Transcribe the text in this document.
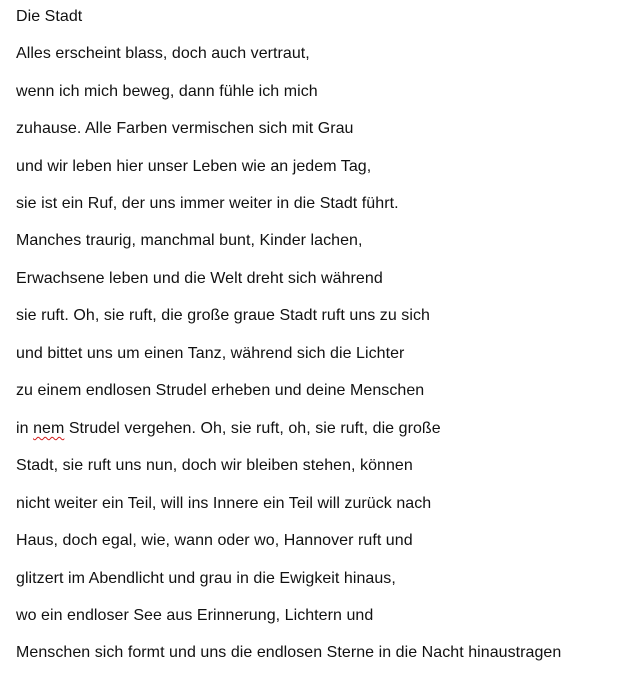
Die Stadt
Alles erscheint blass, doch auch vertraut,
wenn ich mich beweg, dann fühle ich mich
zuhause. Alle Farben vermischen sich mit Grau
und wir leben hier unser Leben wie an jedem Tag,
sie ist ein Ruf, der uns immer weiter in die Stadt führt.
Manches traurig, manchmal bunt, Kinder lachen,
Erwachsene leben und die Welt dreht sich während
sie ruft. Oh, sie ruft, die große graue Stadt ruft uns zu sich
und bittet uns um einen Tanz, während sich die Lichter
zu einem endlosen Strudel erheben und deine Menschen
in nem Strudel vergehen. Oh, sie ruft, oh, sie ruft, die große
Stadt, sie ruft uns nun, doch wir bleiben stehen, können
nicht weiter ein Teil, will ins Innere ein Teil will zurück nach
Haus, doch egal, wie, wann oder wo, Hannover ruft und
glitzert im Abendlicht und grau in die Ewigkeit hinaus,
wo ein endloser See aus Erinnerung, Lichtern und
Menschen sich formt und uns die endlosen Sterne in die Nacht hinaustragen
